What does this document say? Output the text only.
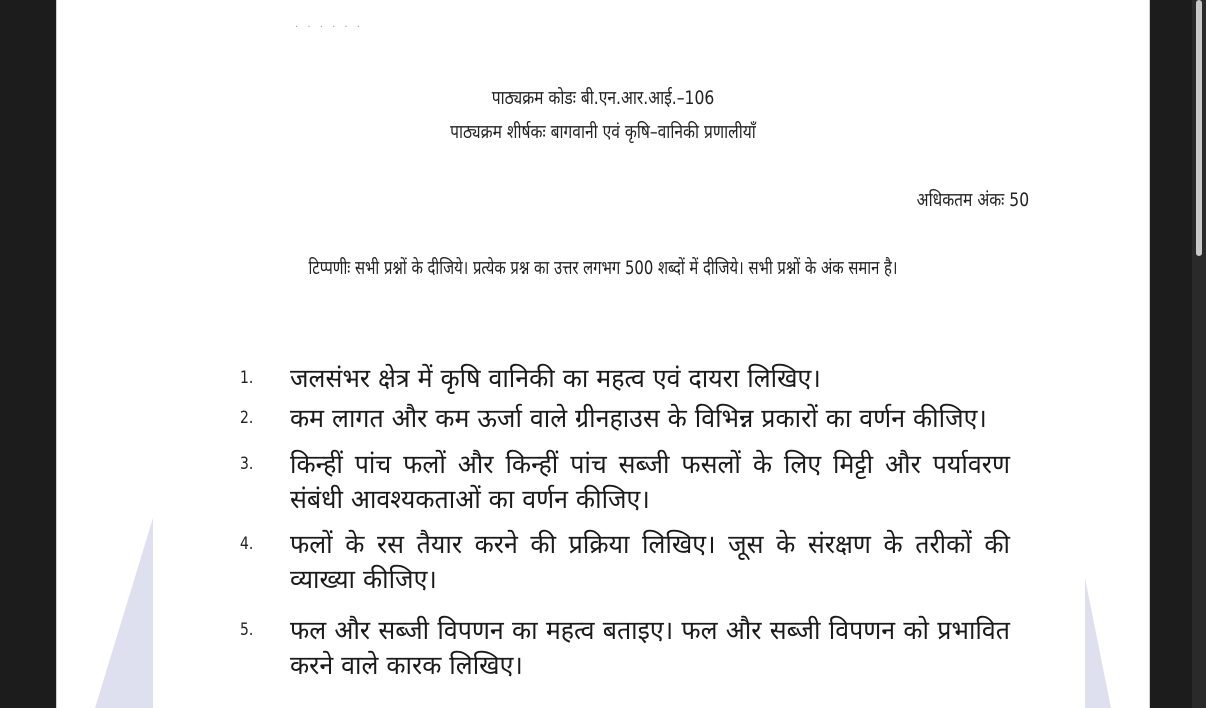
· · · · · ·
पाठ्यक्रम कोडः बी.एन.आर.आई.–106
पाठ्यक्रम शीर्षकः बागवानी एवं कृषि–वानिकी प्रणालीयाँ
अधिकतम अंकः 50
टिप्पणीः सभी प्रश्नों के दीजिये। प्रत्येक प्रश्न का उत्तर लगभग 500 शब्दों में दीजिये। सभी प्रश्नों के अंक समान है।
1. जलसंभर क्षेत्र में कृषि वानिकी का महत्व एवं दायरा लिखिए।
2. कम लागत और कम ऊर्जा वाले ग्रीनहाउस के विभिन्न प्रकारों का वर्णन कीजिए।
3. किन्हीं पांच फलों और किन्हीं पांच सब्जी फसलों के लिए मिट्टी और पर्यावरण संबंधी आवश्यकताओं का वर्णन कीजिए।
4. फलों के रस तैयार करने की प्रक्रिया लिखिए। जूस के संरक्षण के तरीकों की व्याख्या कीजिए।
5. फल और सब्जी विपणन का महत्व बताइए। फल और सब्जी विपणन को प्रभावित करने वाले कारक लिखिए।
